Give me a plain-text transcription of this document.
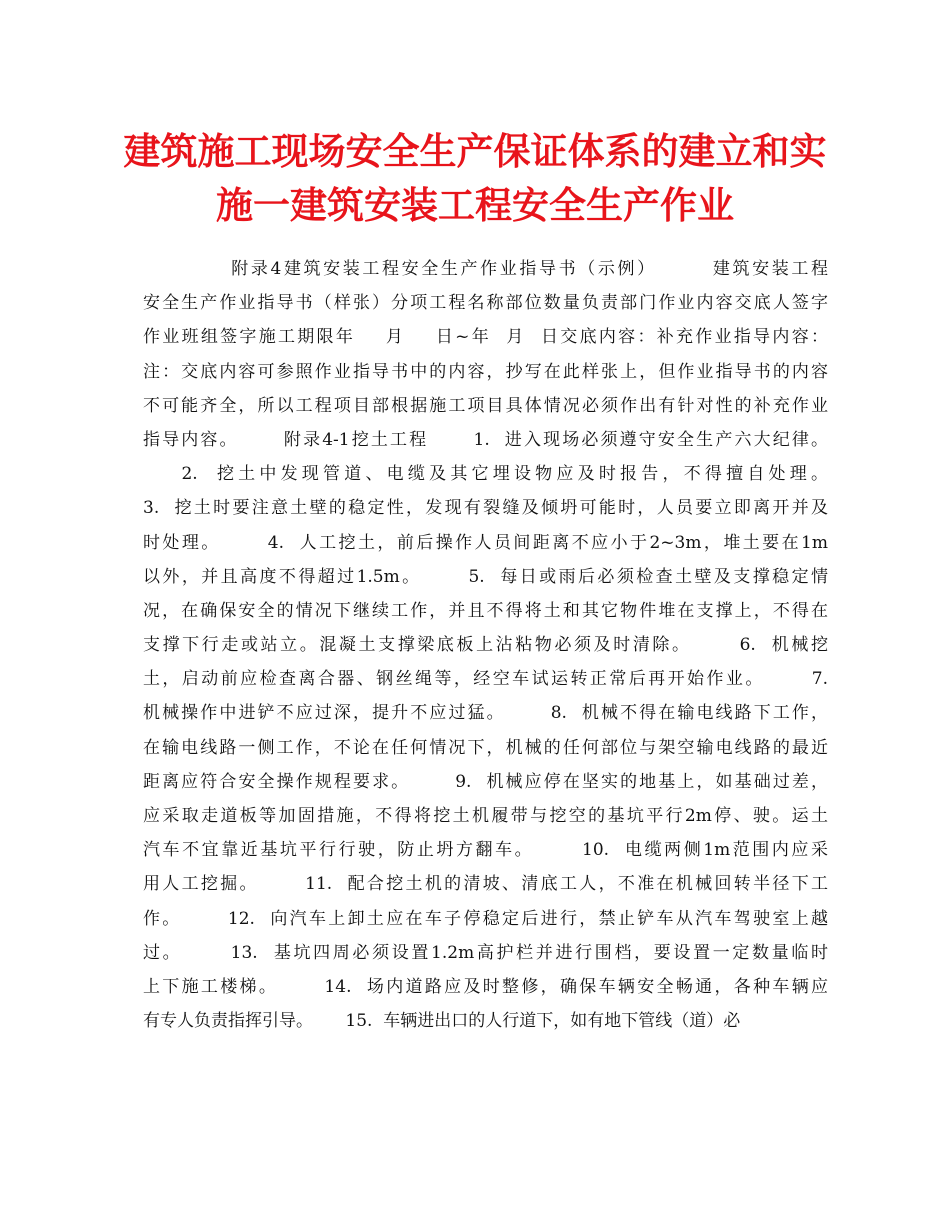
建筑施工现场安全生产保证体系的建立和实
施一建筑安装工程安全生产作业
附录4建筑安装工程安全生产作业指导书（示例）       建筑安装工程
安全生产作业指导书（样张）分项工程名称部位数量负责部门作业内容交底人签字
作业班组签字施工期限年    月    日~年  月  日交底内容：补充作业指导内容：
注：交底内容可参照作业指导书中的内容，抄写在此样张上，但作业指导书的内容
不可能齐全，所以工程项目部根据施工项目具体情况必须作出有针对性的补充作业
指导内容。      附录4-1挖土工程      1.  进入现场必须遵守安全生产六大纪律。
2.  挖土中发现管道、电缆及其它埋设物应及时报告，不得擅自处理。
3.  挖土时要注意土壁的稳定性，发现有裂缝及倾坍可能时，人员要立即离开并及
时处理。      4.  人工挖土，前后操作人员间距离不应小于2~3m，堆土要在1m
以外，并且高度不得超过1.5m。      5.  每日或雨后必须检查土壁及支撑稳定情
况，在确保安全的情况下继续工作，并且不得将土和其它物件堆在支撑上，不得在
支撑下行走或站立。混凝土支撑梁底板上沾粘物必须及时清除。      6.  机械挖
土，启动前应检查离合器、钢丝绳等，经空车试运转正常后再开始作业。      7.
机械操作中进铲不应过深，提升不应过猛。      8.  机械不得在输电线路下工作，
在输电线路一侧工作，不论在任何情况下，机械的任何部位与架空输电线路的最近
距离应符合安全操作规程要求。      9.  机械应停在坚实的地基上，如基础过差，
应采取走道板等加固措施，不得将挖土机履带与挖空的基坑平行2m停、驶。运土
汽车不宜靠近基坑平行行驶，防止坍方翻车。      10.  电缆两侧1m范围内应采
用人工挖掘。      11.  配合挖土机的清坡、清底工人，不准在机械回转半径下工
作。      12.  向汽车上卸土应在车子停稳定后进行，禁止铲车从汽车驾驶室上越
过。      13.  基坑四周必须设置1.2m高护栏并进行围档，要设置一定数量临时
上下施工楼梯。      14.  场内道路应及时整修，确保车辆安全畅通，各种车辆应
有专人负责指挥引导。      15.  车辆进出口的人行道下，如有地下管线（道）必
